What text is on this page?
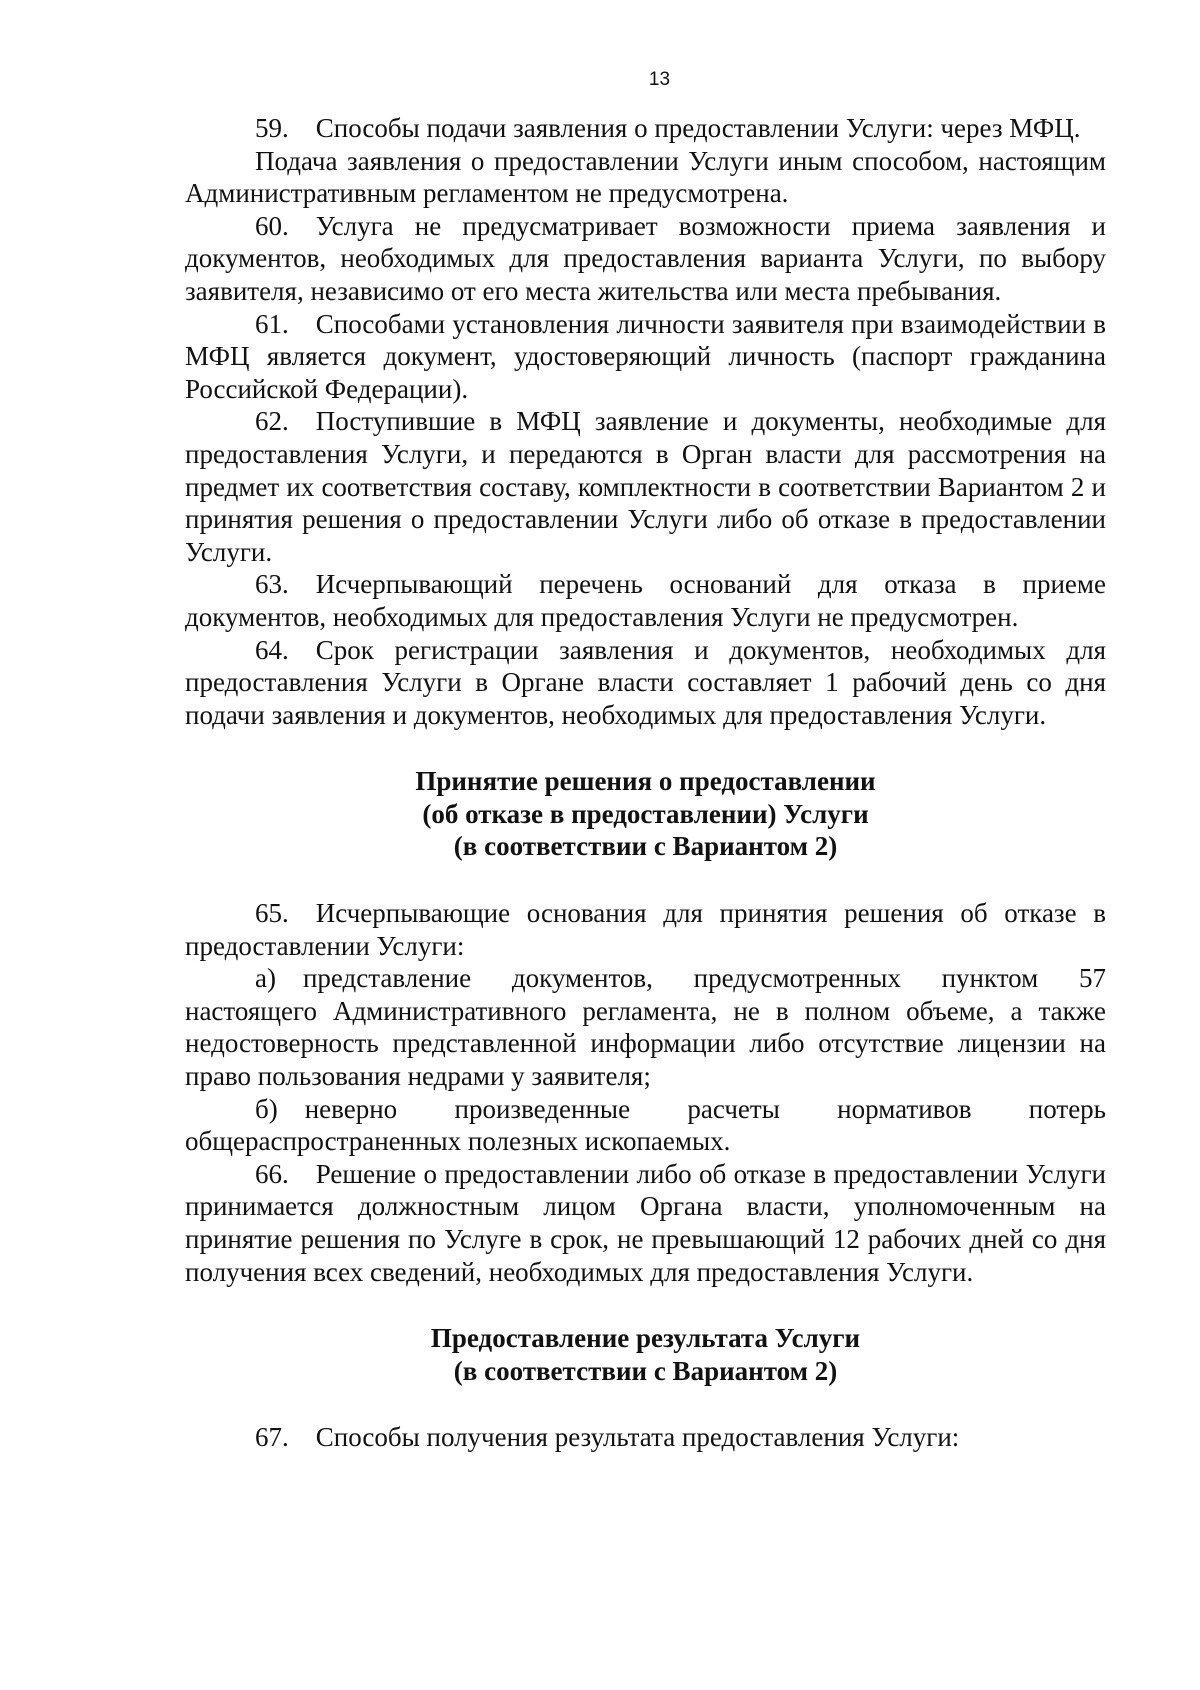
13

59. Способы подачи заявления о предоставлении Услуги: через МФЦ.

Подача заявления о предоставлении Услуги иным способом, настоящим Административным регламентом не предусмотрена.

60. Услуга не предусматривает возможности приема заявления и документов, необходимых для предоставления варианта Услуги, по выбору заявителя, независимо от его места жительства или места пребывания.

61. Способами установления личности заявителя при взаимодействии в МФЦ является документ, удостоверяющий личность (паспорт гражданина Российской Федерации).

62. Поступившие в МФЦ заявление и документы, необходимые для предоставления Услуги, и передаются в Орган власти для рассмотрения на предмет их соответствия составу, комплектности в соответствии Вариантом 2 и принятия решения о предоставлении Услуги либо об отказе в предоставлении Услуги.

63. Исчерпывающий перечень оснований для отказа в приеме документов, необходимых для предоставления Услуги не предусмотрен.

64. Срок регистрации заявления и документов, необходимых для предоставления Услуги в Органе власти составляет 1 рабочий день со дня подачи заявления и документов, необходимых для предоставления Услуги.

Принятие решения о предоставлении

(об отказе в предоставлении) Услуги

(в соответствии с Вариантом 2)

65. Исчерпывающие основания для принятия решения об отказе в предоставлении Услуги:

а) представление документов, предусмотренных пунктом 57 настоящего Административного регламента, не в полном объеме, а также недостоверность представленной информации либо отсутствие лицензии на право пользования недрами у заявителя;

б) неверно произведенные расчеты нормативов потерь общераспространенных полезных ископаемых.

66. Решение о предоставлении либо об отказе в предоставлении Услуги принимается должностным лицом Органа власти, уполномоченным на принятие решения по Услуге в срок, не превышающий 12 рабочих дней со дня получения всех сведений, необходимых для предоставления Услуги.

Предоставление результата Услуги

(в соответствии с Вариантом 2)

67. Способы получения результата предоставления Услуги:
